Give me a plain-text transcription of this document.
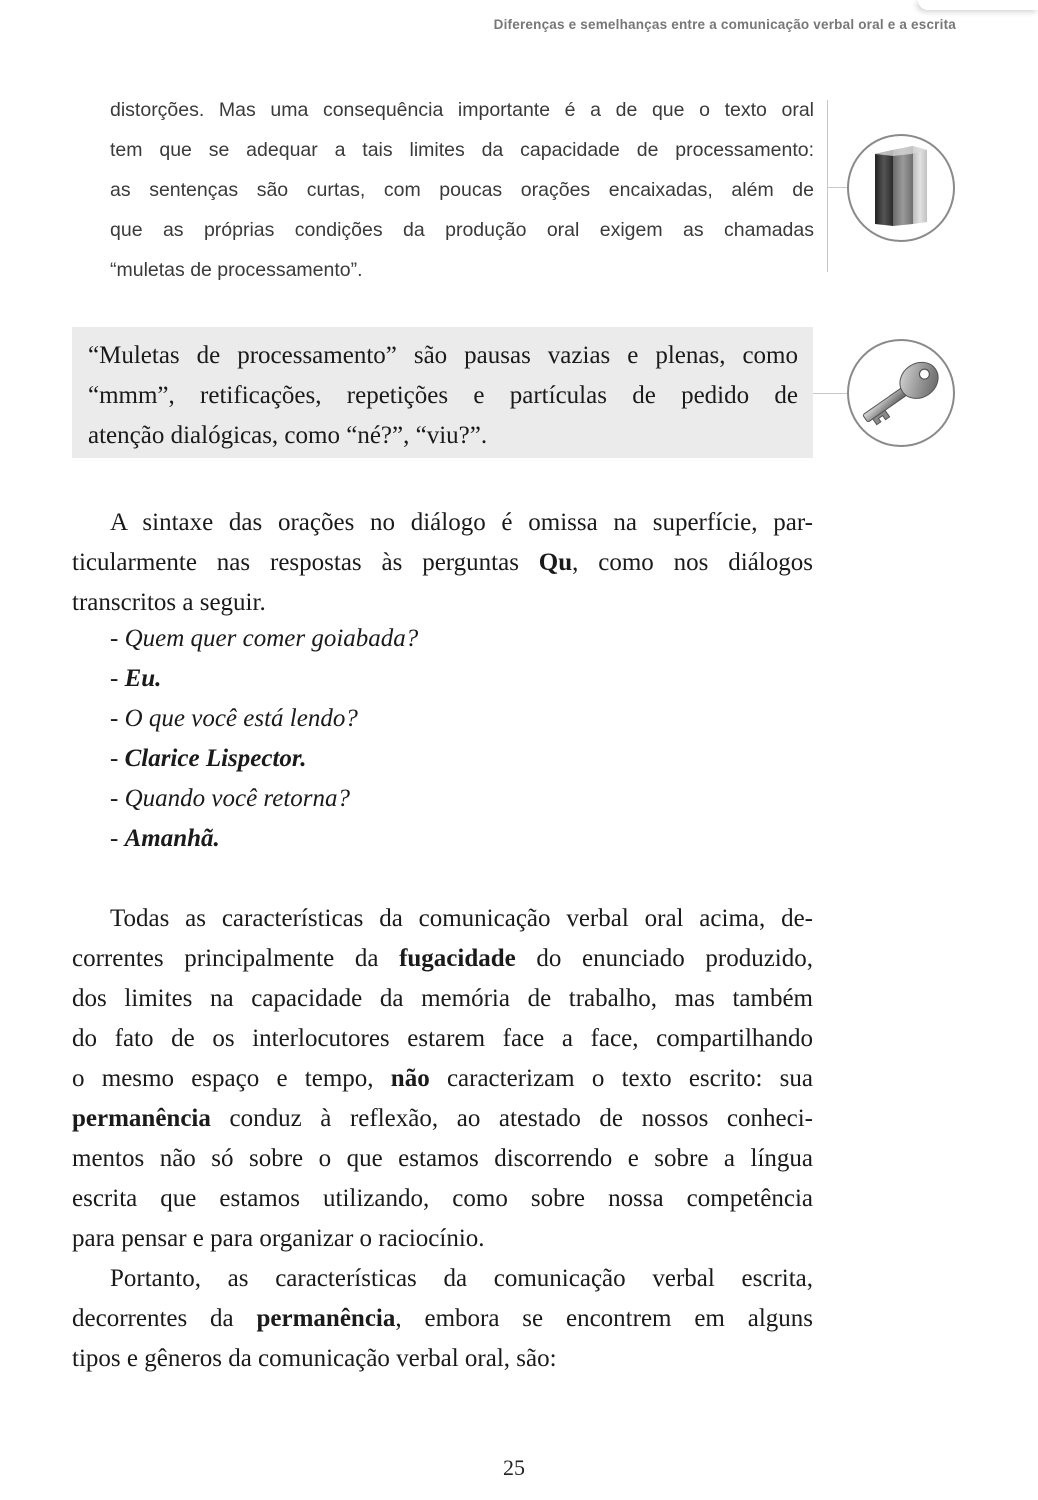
Diferenças e semelhanças entre a comunicação verbal oral e a escrita
distorções. Mas uma consequência importante é a de que o texto oral
tem que se adequar a tais limites da capacidade de processamento:
as sentenças são curtas, com poucas orações encaixadas, além de
que as próprias condições da produção oral exigem as chamadas
“muletas de processamento”.
“Muletas de processamento” são pausas vazias e plenas, como
“mmm”, retificações, repetições e partículas de pedido de
atenção dialógicas, como “né?”, “viu?”.
A sintaxe das orações no diálogo é omissa na superfície, par-
ticularmente nas respostas às perguntas Qu, como nos diálogos
transcritos a seguir.
- Quem quer comer goiabada?
- Eu.
- O que você está lendo?
- Clarice Lispector.
- Quando você retorna?
- Amanhã.
Todas as características da comunicação verbal oral acima, de-
correntes principalmente da fugacidade do enunciado produzido,
dos limites na capacidade da memória de trabalho, mas também
do fato de os interlocutores estarem face a face, compartilhando
o mesmo espaço e tempo, não caracterizam o texto escrito: sua
permanência conduz à reflexão, ao atestado de nossos conheci-
mentos não só sobre o que estamos discorrendo e sobre a língua
escrita que estamos utilizando, como sobre nossa competência
para pensar e para organizar o raciocínio.
Portanto, as características da comunicação verbal escrita,
decorrentes da permanência, embora se encontrem em alguns
tipos e gêneros da comunicação verbal oral, são:
25
